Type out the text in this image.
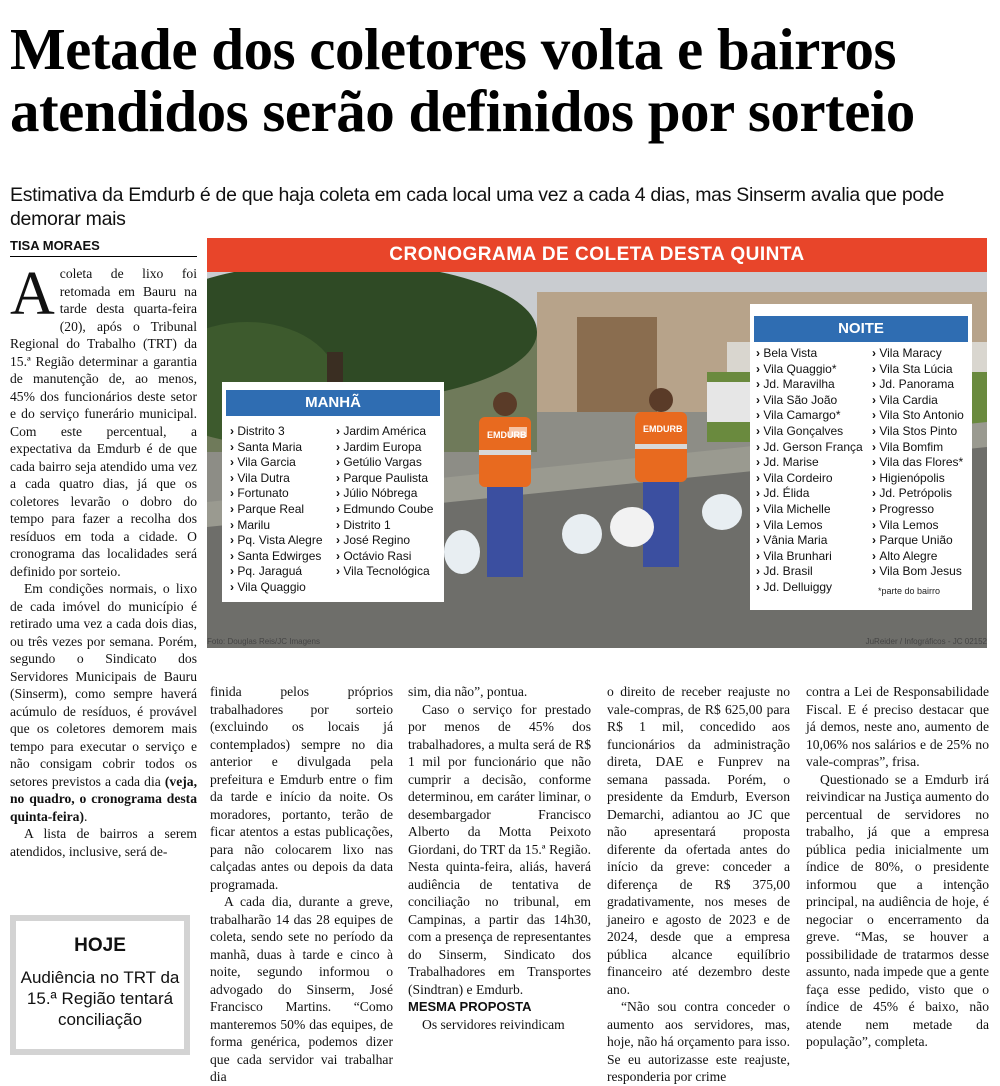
Metade dos coletores volta e bairros atendidos serão definidos por sorteio

Estimativa da Emdurb é de que haja coleta em cada local uma vez a cada 4 dias, mas Sinserm avalia que pode demorar mais

TISA MORAES	CRONOGRAMA DE COLETA DESTA QUINTA
EMDURB
EMDURB
MANHÃ
› Distrito 3
› Santa Maria
› Vila Garcia
› Vila Dutra
› Fortunato
› Parque Real
› Marilu
› Pq. Vista Alegre
› Santa Edwirges
› Pq. Jaraguá
› Vila Quaggio
› Jardim América
› Jardim Europa
› Getúlio Vargas
› Parque Paulista
› Júlio Nóbrega
› Edmundo Coube
› Distrito 1
› José Regino
› Octávio Rasi
› Vila Tecnológica
NOITE
› Bela Vista
› Vila Quaggio*
› Jd. Maravilha
› Vila São João
› Vila Camargo*
› Vila Gonçalves
› Jd. Gerson França
› Jd. Marise
› Vila Cordeiro
› Jd. Élida
› Vila Michelle
› Vila Lemos
› Vânia Maria
› Vila Brunhari
› Jd. Brasil
› Jd. Delluiggy
› Vila Maracy
› Vila Sta Lúcia
› Jd. Panorama
› Vila Cardia
› Vila Sto Antonio
› Vila Stos Pinto
› Vila Bomfim
› Vila das Flores*
› Higienópolis
› Jd. Petrópolis
› Progresso
› Vila Lemos
› Parque União
› Alto Alegre
› Vila Bom Jesus
*parte do bairro
Foto: Douglas Reis/JC Imagens	JuReider / Infográficos - JC 02152

Acoleta de lixo foi retomada em Bauru na tarde desta quarta-feira (20), após o Tribunal Regional do Trabalho (TRT) da 15.ª Região determinar a garantia de manutenção de, ao menos, 45% dos funcionários deste setor e do serviço funerário municipal. Com este percentual, a expectativa da Emdurb é de que cada bairro seja atendido uma vez a cada quatro dias, já que os coletores levarão o dobro do tempo para fazer a recolha dos resíduos em toda a cidade. O cronograma das localidades será definido por sorteio.

Em condições normais, o lixo de cada imóvel do município é retirado uma vez a cada dois dias, ou três vezes por semana. Porém, segundo o Sindicato dos Servidores Municipais de Bauru (Sinserm), como sempre haverá acúmulo de resíduos, é provável que os coletores demorem mais tempo para executar o serviço e não consigam cobrir todos os setores previstos a cada dia (veja, no quadro, o cronograma desta quinta-feira).

A lista de bairros a serem atendidos, inclusive, será de-

HOJE
Audiência no TRT da 15.ª Região tentará conciliação

finida pelos próprios trabalhadores por sorteio (excluindo os locais já contemplados) sempre no dia anterior e divulgada pela prefeitura e Emdurb entre o fim da tarde e início da noite. Os moradores, portanto, terão de ficar atentos a estas publicações, para não colocarem lixo nas calçadas antes ou depois da data programada.

A cada dia, durante a greve, trabalharão 14 das 28 equipes de coleta, sendo sete no período da manhã, duas à tarde e cinco à noite, segundo informou o advogado do Sinserm, José Francisco Martins. “Como manteremos 50% das equipes, de forma genérica, podemos dizer que cada servidor vai trabalhar dia

sim, dia não”, pontua.

Caso o serviço for prestado por menos de 45% dos trabalhadores, a multa será de R$ 1 mil por funcionário que não cumprir a decisão, conforme determinou, em caráter liminar, o desembargador Francisco Alberto da Motta Peixoto Giordani, do TRT da 15.ª Região. Nesta quinta-feira, aliás, haverá audiência de tentativa de conciliação no tribunal, em Campinas, a partir das 14h30, com a presença de representantes do Sinserm, Sindicato dos Trabalhadores em Transportes (Sindtran) e Emdurb.

MESMA PROPOSTA

Os servidores reivindicam

o direito de receber reajuste no vale-compras, de R$ 625,00 para R$ 1 mil, concedido aos funcionários da administração direta, DAE e Funprev na semana passada. Porém, o presidente da Emdurb, Everson Demarchi, adiantou ao JC que não apresentará proposta diferente da ofertada antes do início da greve: conceder a diferença de R$ 375,00 gradativamente, nos meses de janeiro e agosto de 2023 e de 2024, desde que a empresa pública alcance equilíbrio financeiro até dezembro deste ano.

“Não sou contra conceder o aumento aos servidores, mas, hoje, não há orçamento para isso. Se eu autorizasse este reajuste, responderia por crime

contra a Lei de Responsabilidade Fiscal. E é preciso destacar que já demos, neste ano, aumento de 10,06% nos salários e de 25% no vale-compras”, frisa.

Questionado se a Emdurb irá reivindicar na Justiça aumento do percentual de servidores no trabalho, já que a empresa pública pedia inicialmente um índice de 80%, o presidente informou que a intenção principal, na audiência de hoje, é negociar o encerramento da greve. “Mas, se houver a possibilidade de tratarmos desse assunto, nada impede que a gente faça esse pedido, visto que o índice de 45% é baixo, não atende nem metade da população”, completa.
